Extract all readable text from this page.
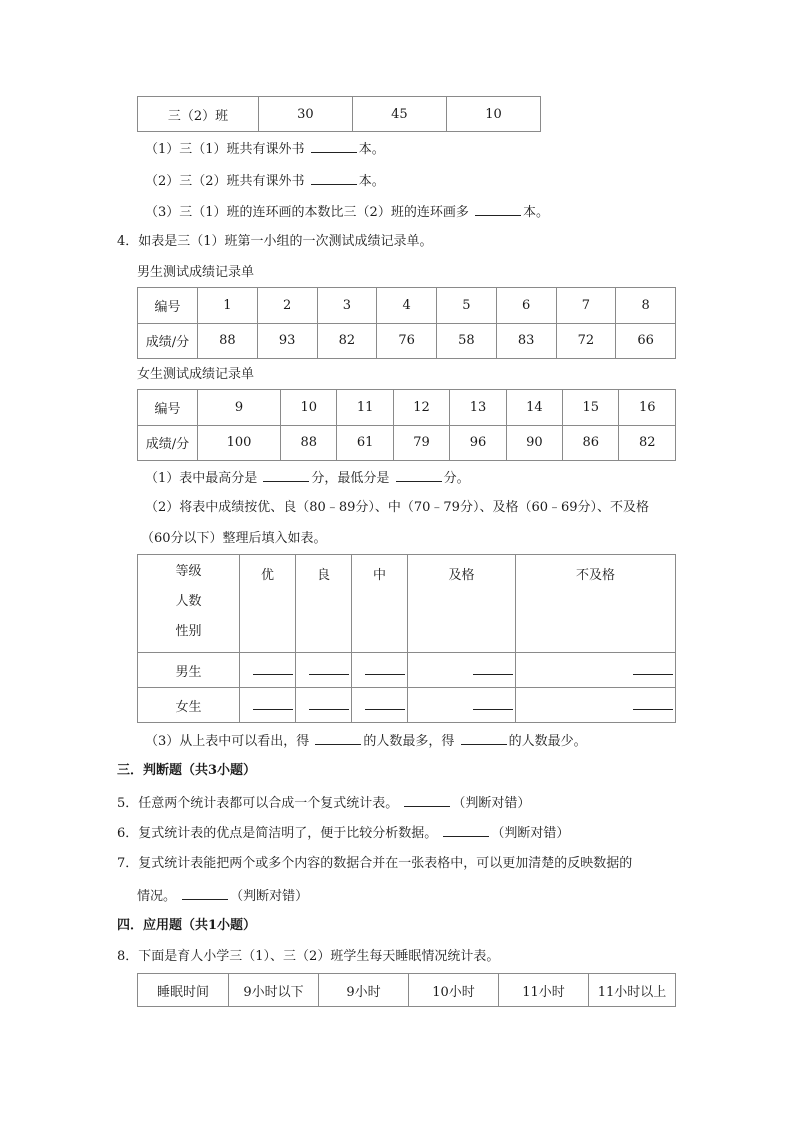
三（2）班	30	45	10
（1）三（1）班共有课外书	本。
（2）三（2）班共有课外书	本。
（3）三（1）班的连环画的本数比三（2）班的连环画多	本。
4．如表是三（1）班第一小组的一次测试成绩记录单。
男生测试成绩记录单
编号	1	2	3	4	5	6	7	8
成绩/分	88	93	82	76	58	83	72	66
女生测试成绩记录单
编号	9	10	11	12	13	14	15	16
成绩/分	100	88	61	79	96	90	86	82
（1）表中最高分是	分，最低分是	分。
（2）将表中成绩按优、良（80﹣89分）、中（70﹣79分）、及格（60﹣69分）、不及格
（60分以下）整理后填入如表。
等级
人数
性别	优	良	中	及格	不及格
男生	

女生	

（3）从上表中可以看出，得	的人数最多，得	的人数最少。
三．判断题（共3小题）
5．任意两个统计表都可以合成一个复式统计表。	（判断对错）
6．复式统计表的优点是简洁明了，便于比较分析数据。	（判断对错）
7．复式统计表能把两个或多个内容的数据合并在一张表格中，可以更加清楚的反映数据的
情况。	（判断对错）
四．应用题（共1小题）
8．下面是育人小学三（1）、三（2）班学生每天睡眠情况统计表。
睡眠时间	9小时以下	9小时	10小时	11小时	11小时以上
